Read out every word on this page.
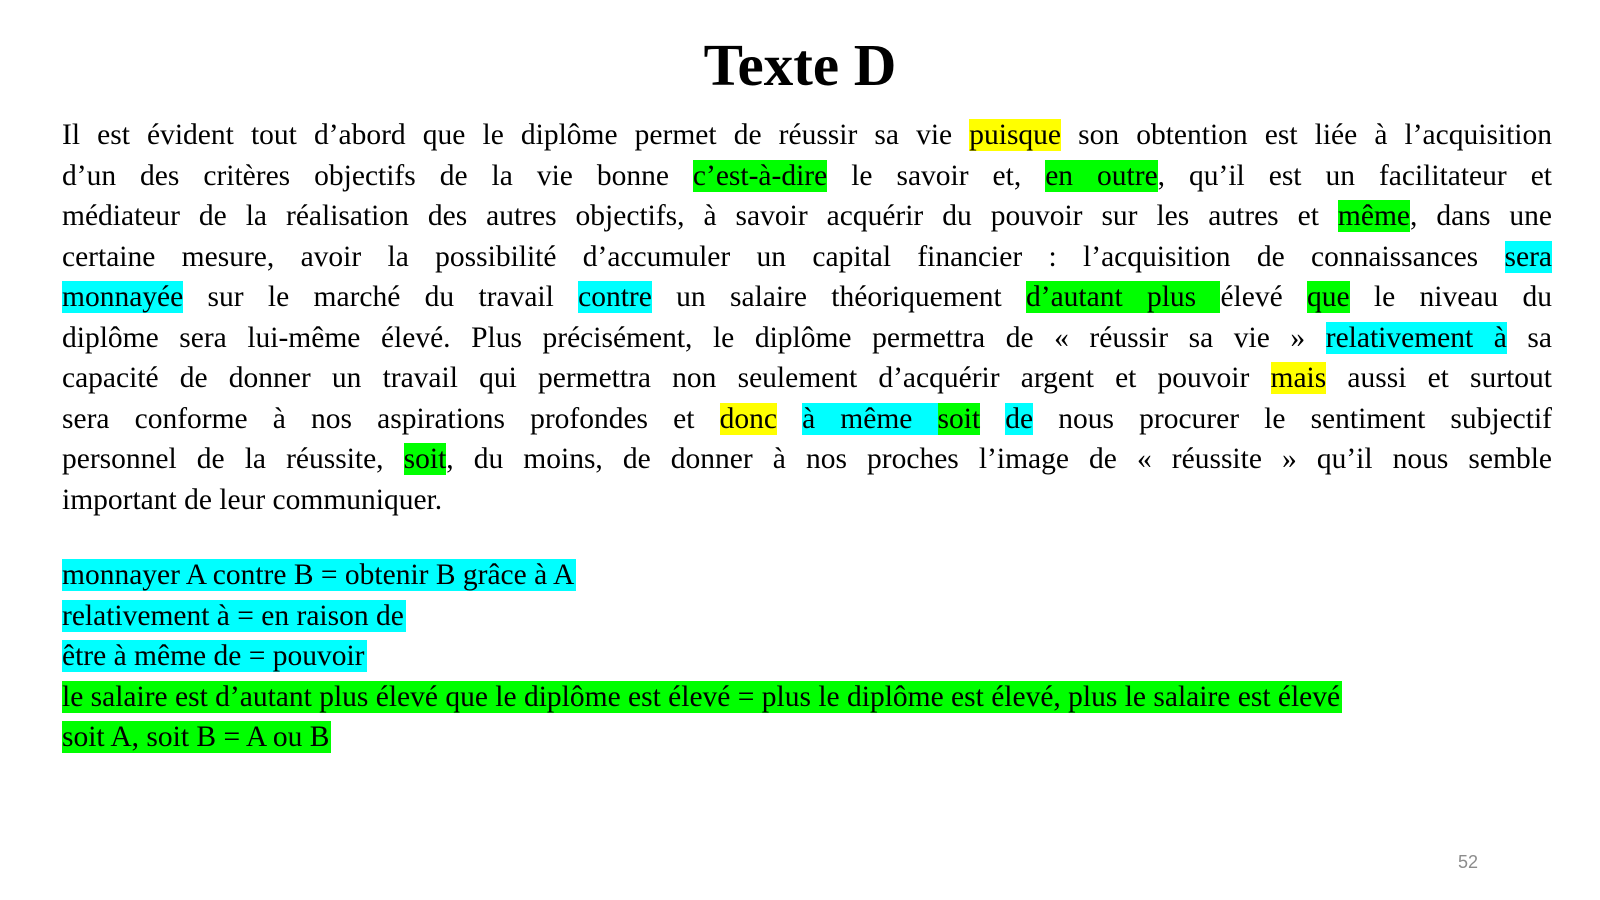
Texte D
Il est évident tout d’abord que le diplôme permet de réussir sa vie puisque son obtention est liée à l’acquisition
d’un des critères objectifs de la vie bonne c’est-à-dire le savoir et, en outre, qu’il est un facilitateur et
médiateur de la réalisation des autres objectifs, à savoir acquérir du pouvoir sur les autres et même, dans une
certaine mesure, avoir la possibilité d’accumuler un capital financier : l’acquisition de connaissances sera
monnayée sur le marché du travail contre un salaire théoriquement d’autant plus élevé que le niveau du
diplôme sera lui-même élevé. Plus précisément, le diplôme permettra de « réussir sa vie » relativement à sa
capacité de donner un travail qui permettra non seulement d’acquérir argent et pouvoir mais aussi et surtout
sera conforme à nos aspirations profondes et donc à même soit de nous procurer le sentiment subjectif
personnel de la réussite, soit, du moins, de donner à nos proches l’image de « réussite » qu’il nous semble
important de leur communiquer.
monnayer A contre B = obtenir B grâce à A
relativement à = en raison de
être à même de = pouvoir
le salaire est d’autant plus élevé que le diplôme est élevé = plus le diplôme est élevé, plus le salaire est élevé
soit A, soit B = A ou B
52
